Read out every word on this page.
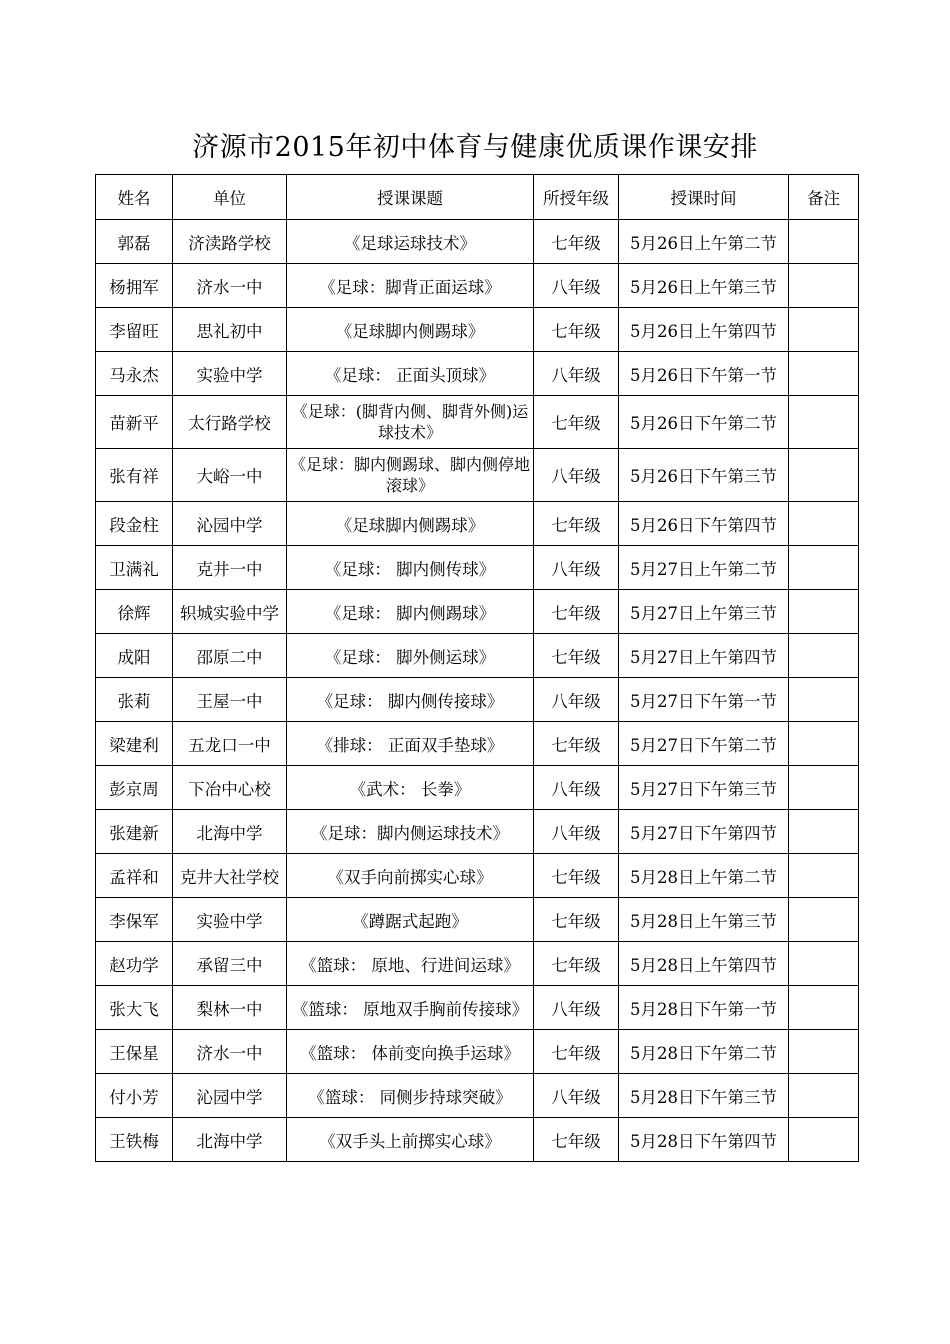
济源市2015年初中体育与健康优质课作课安排
姓名	单位	授课课题	所授年级	授课时间	备注
郭磊	济渎路学校	《足球运球技术》	七年级	5月26日上午第二节	
杨拥军	济水一中	《足球：脚背正面运球》	八年级	5月26日上午第三节	
李留旺	思礼初中	《足球脚内侧踢球》	七年级	5月26日上午第四节	
马永杰	实验中学	《足球： 正面头顶球》	八年级	5月26日下午第一节	
苗新平	太行路学校	《足球：(脚背内侧、脚背外侧)运球技术》	七年级	5月26日下午第二节	
张有祥	大峪一中	《足球：脚内侧踢球、脚内侧停地滚球》	八年级	5月26日下午第三节	
段金柱	沁园中学	《足球脚内侧踢球》	七年级	5月26日下午第四节	
卫满礼	克井一中	《足球： 脚内侧传球》	八年级	5月27日上午第二节	
徐辉	轵城实验中学	《足球： 脚内侧踢球》	七年级	5月27日上午第三节	
成阳	邵原二中	《足球： 脚外侧运球》	七年级	5月27日上午第四节	
张莉	王屋一中	《足球： 脚内侧传接球》	八年级	5月27日下午第一节	
梁建利	五龙口一中	《排球： 正面双手垫球》	七年级	5月27日下午第二节	
彭京周	下冶中心校	《武术： 长拳》	八年级	5月27日下午第三节	
张建新	北海中学	《足球：脚内侧运球技术》	八年级	5月27日下午第四节	
孟祥和	克井大社学校	《双手向前掷实心球》	七年级	5月28日上午第二节	
李保军	实验中学	《蹲踞式起跑》	七年级	5月28日上午第三节	
赵功学	承留三中	《篮球： 原地、行进间运球》	七年级	5月28日上午第四节	
张大飞	梨林一中	《篮球： 原地双手胸前传接球》	八年级	5月28日下午第一节	
王保星	济水一中	《篮球： 体前变向换手运球》	七年级	5月28日下午第二节	
付小芳	沁园中学	《篮球： 同侧步持球突破》	八年级	5月28日下午第三节	
王铁梅	北海中学	《双手头上前掷实心球》	七年级	5月28日下午第四节	
